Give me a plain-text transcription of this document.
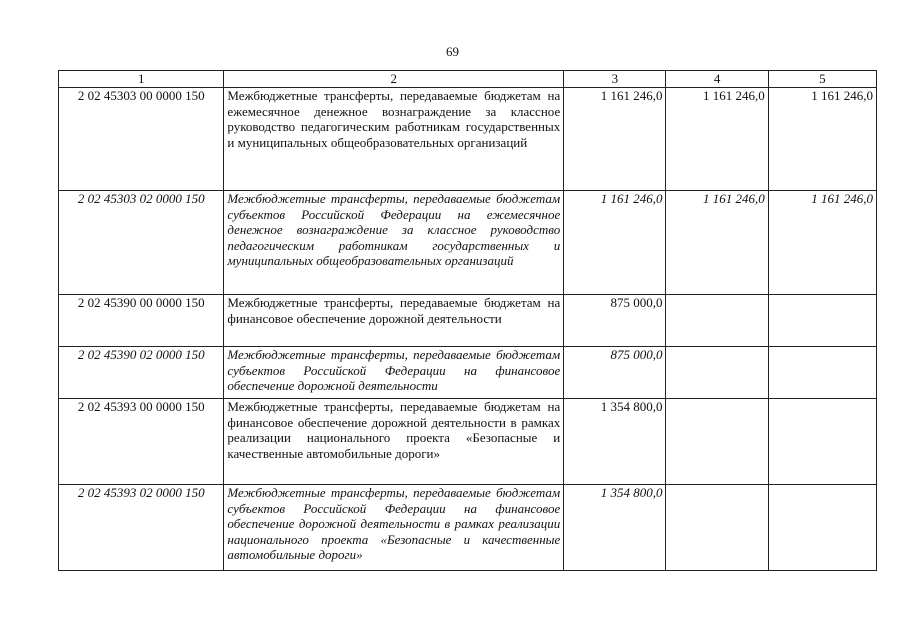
69
1	2	3	4	5
2 02 45303 00 0000 150	Межбюджетные трансферты, передаваемые бюджетам на ежемесячное денежное вознаграждение за классное руководство педагогическим работникам государственных и муниципальных общеобразовательных организаций	1 161 246,0	1 161 246,0	1 161 246,0
2 02 45303 02 0000 150	Межбюджетные трансферты, передаваемые бюджетам субъектов Российской Федерации на ежемесячное денежное вознаграждение за классное руководство педагогическим работникам государственных и муниципальных общеобразовательных организаций	1 161 246,0	1 161 246,0	1 161 246,0
2 02 45390 00 0000 150	Межбюджетные трансферты, передаваемые бюджетам на финансовое обеспечение дорожной деятельности	875 000,0		
2 02 45390 02 0000 150	Межбюджетные трансферты, передаваемые бюджетам субъектов Российской Федерации на финансовое обеспечение дорожной деятельности	875 000,0		
2 02 45393 00 0000 150	Межбюджетные трансферты, передаваемые бюджетам на финансовое обеспечение дорожной деятельности в рамках реализации национального проекта «Безопасные и качественные автомобильные дороги»	1 354 800,0		
2 02 45393 02 0000 150	Межбюджетные трансферты, передаваемые бюджетам субъектов Российской Федерации на финансовое обеспечение дорожной деятельности в рамках реализации национального проекта «Безопасные и качественные автомобильные дороги»	1 354 800,0		
